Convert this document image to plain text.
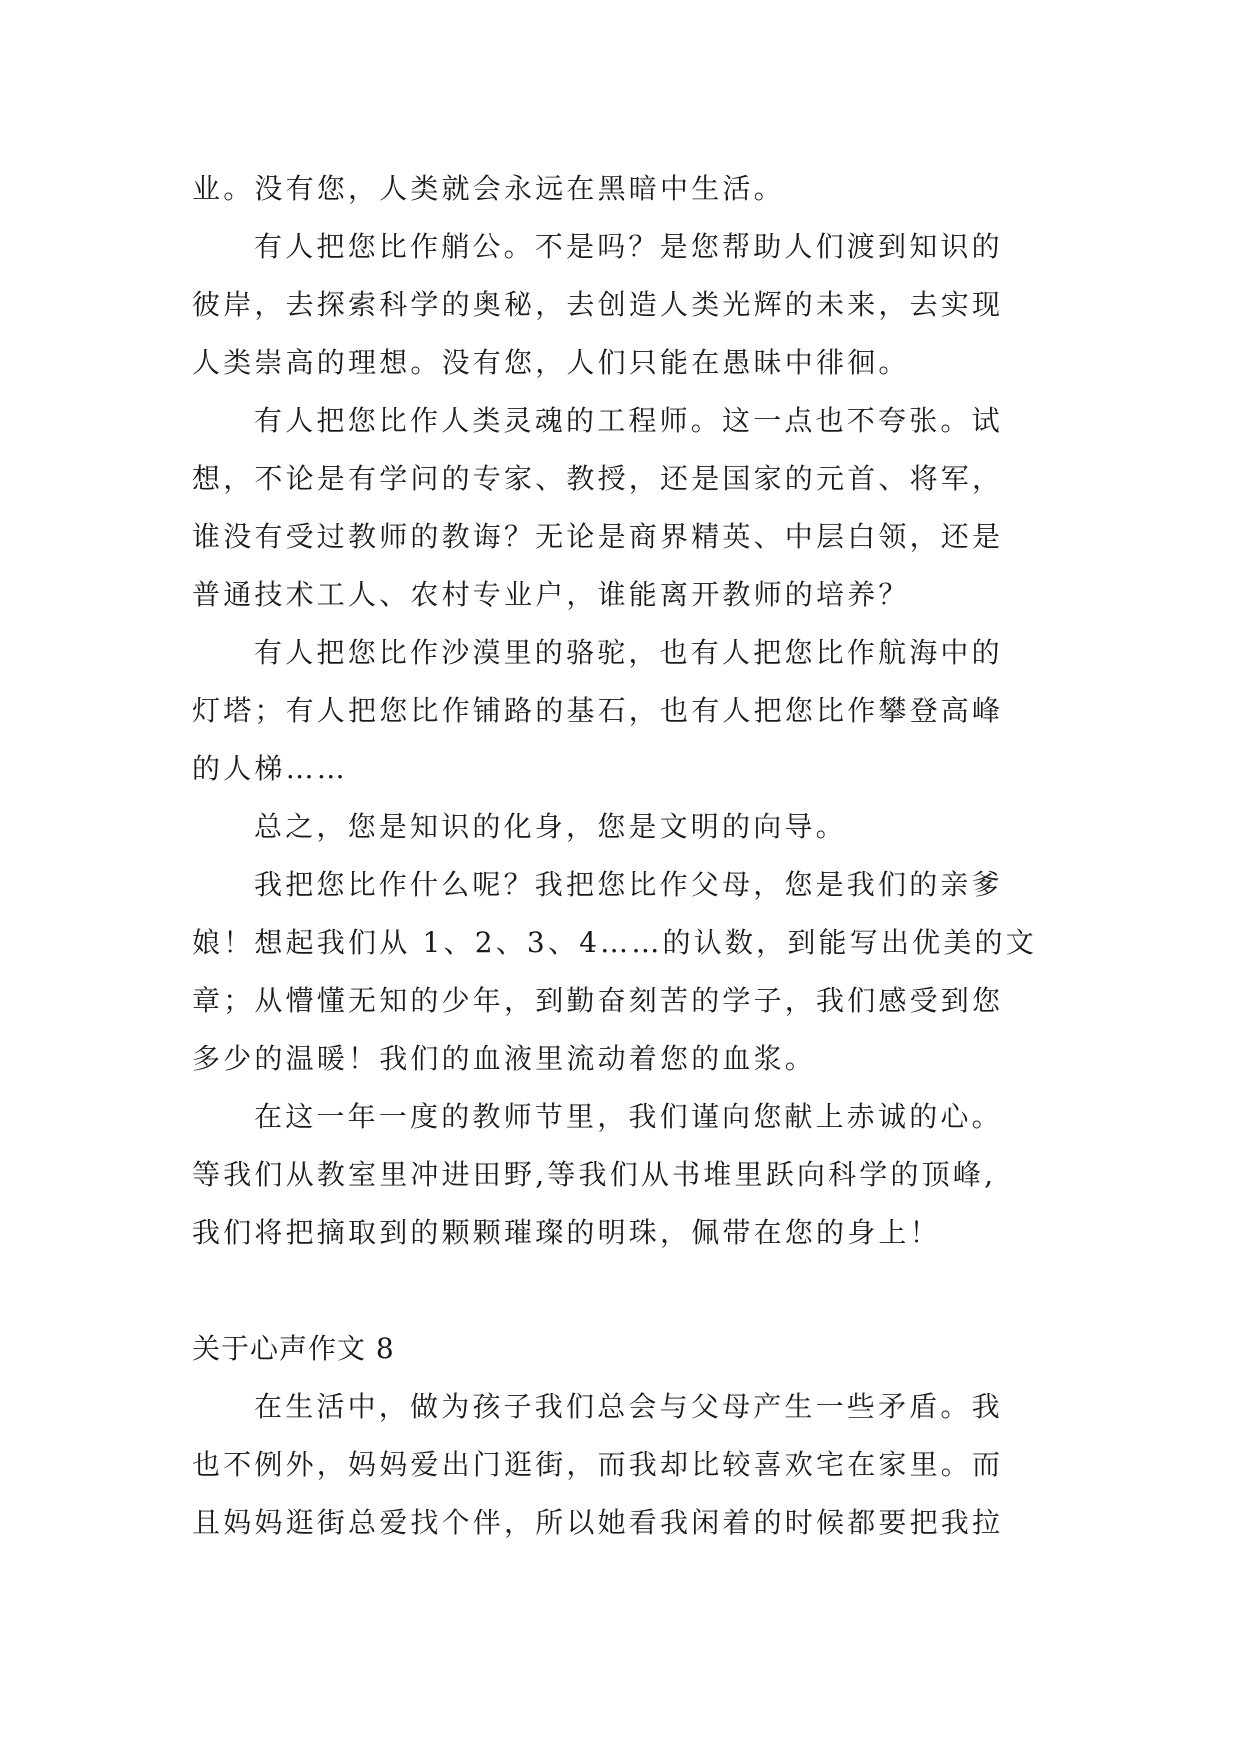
业。没有您，人类就会永远在黑暗中生活。
有人把您比作艄公。不是吗？是您帮助人们渡到知识的
彼岸，去探索科学的奥秘，去创造人类光辉的未来，去实现
人类崇高的理想。没有您，人们只能在愚昧中徘徊。
有人把您比作人类灵魂的工程师。这一点也不夸张。试
想，不论是有学问的专家、教授，还是国家的元首、将军，
谁没有受过教师的教诲？无论是商界精英、中层白领，还是
普通技术工人、农村专业户，谁能离开教师的培养？
有人把您比作沙漠里的骆驼，也有人把您比作航海中的
灯塔；有人把您比作铺路的基石，也有人把您比作攀登高峰
的人梯……
总之，您是知识的化身，您是文明的向导。
我把您比作什么呢？我把您比作父母，您是我们的亲爹
娘！想起我们从 1、2、3、4……的认数，到能写出优美的文
章；从懵懂无知的少年，到勤奋刻苦的学子，我们感受到您
多少的温暖！我们的血液里流动着您的血浆。
在这一年一度的教师节里，我们谨向您献上赤诚的心。
等我们从教室里冲进田野,等我们从书堆里跃向科学的顶峰,
我们将把摘取到的颗颗璀璨的明珠，佩带在您的身上！
关于心声作文 8
在生活中，做为孩子我们总会与父母产生一些矛盾。我
也不例外，妈妈爱出门逛街，而我却比较喜欢宅在家里。而
且妈妈逛街总爱找个伴，所以她看我闲着的时候都要把我拉
